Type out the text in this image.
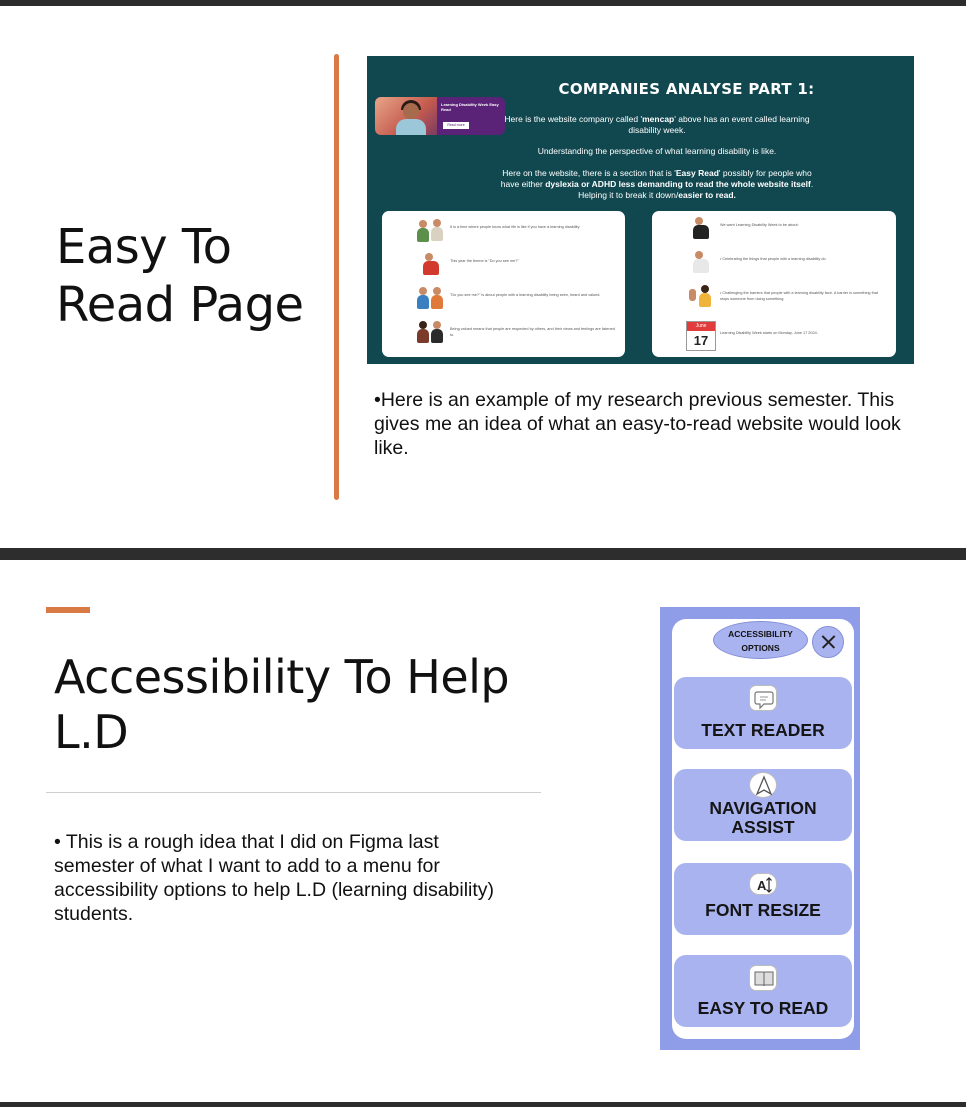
Easy To
Read Page
COMPANIES ANALYSE PART 1:
Learning Disability Week Easy Read
Read more
Here is the website company called 'mencap' above has an event called learning disability week.
Understanding the perspective of what learning disability is like.
Here on the website, there is a section that is 'Easy Read' possibly for people who have either dyslexia or ADHD less demanding to read the whole website itself. Helping it to break it down/easier to read.
It is a time where people know what life is like if you have a learning disability.
This year the theme is "Do you see me?"
"Do you see me?" is about people with a learning disability being seen, heard and valued.
Being valued means that people are respected by others, and their views and feelings are listened to.
We want Learning Disability Week to be about:
• Celebrating the things that people with a learning disability do
• Challenging the barriers that people with a learning disability face. A barrier is something that stops someone from doing something.
June
17	Learning Disability Week starts on Monday, June 17 2024.
•Here is an example of my research previous semester. This gives me an idea of what an easy-to-read website would look like.
Accessibility To Help L.D
• This is a rough idea that I did on Figma last semester of what I want to add to a menu for accessibility options to help L.D (learning disability) students.
ACCESSIBILITY
OPTIONS
TEXT READER
NAVIGATION
ASSIST
A
FONT RESIZE
EASY TO READ
